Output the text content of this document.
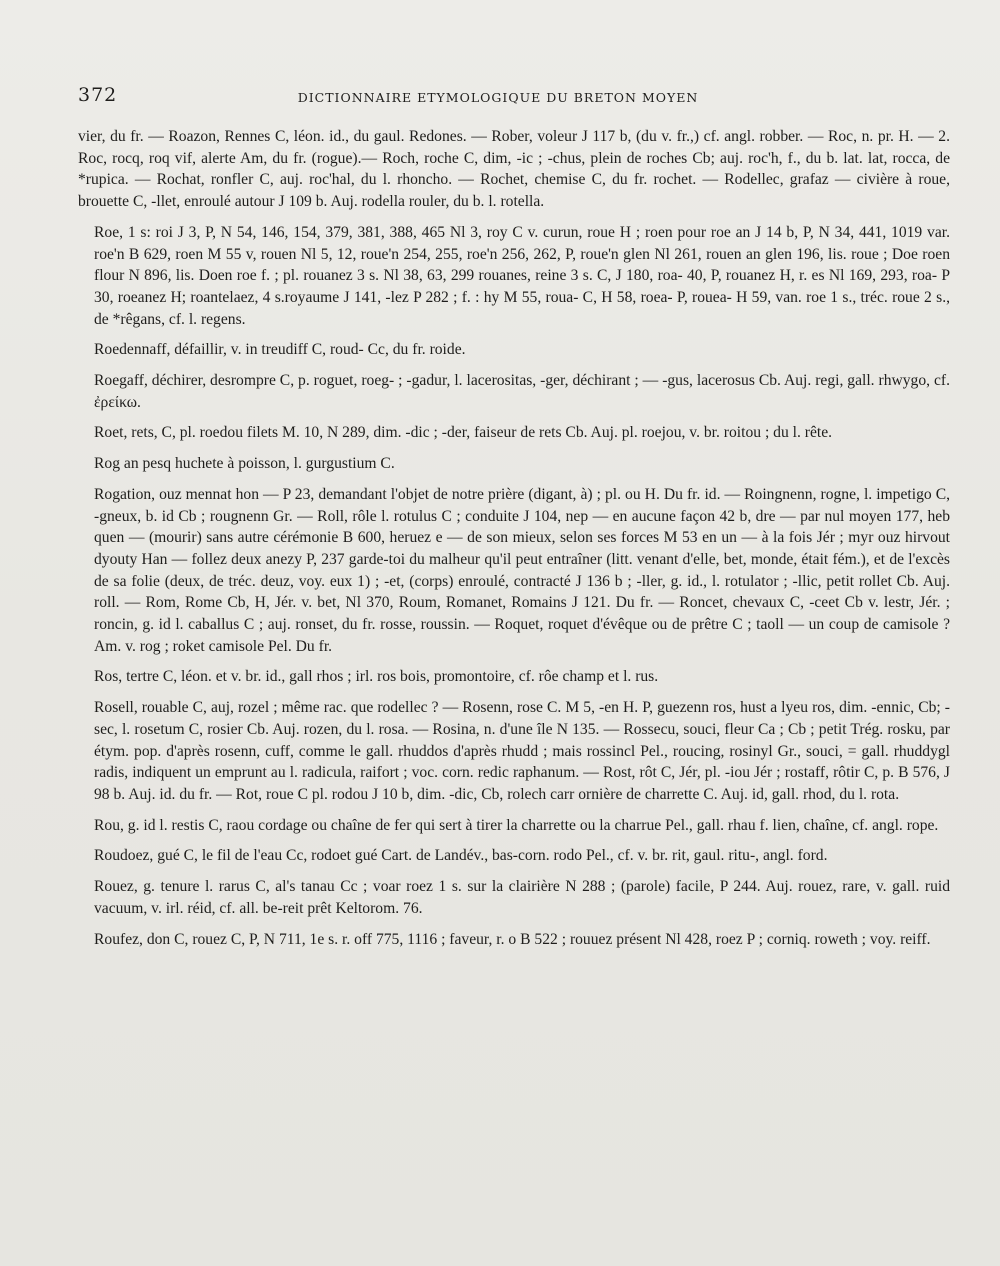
372	DICTIONNAIRE ETYMOLOGIQUE DU BRETON MOYEN

vier, du fr. — Roazon, Rennes C, léon. id., du gaul. Redones. — Rober, voleur J 117 b, (du v. fr.,) cf. angl. robber. — Roc, n. pr. H. — 2. Roc, rocq, roq vif, alerte Am, du fr. (rogue).— Roch, roche C, dim, -ic ; -chus, plein de roches Cb; auj. roc'h, f., du b. lat. lat, rocca, de *rupica. — Rochat, ronfler C, auj. roc'hal, du l. rhoncho. — Rochet, chemise C, du fr. rochet. — Rodellec, grafaz — civière à roue, brouette C, -llet, enroulé autour J 109 b. Auj. rodella rouler, du b. l. rotella.

Roe, 1 s: roi J 3, P, N 54, 146, 154, 379, 381, 388, 465 Nl 3, roy C v. curun, roue H ; roen pour roe an J 14 b, P, N 34, 441, 1019 var. roe'n B 629, roen M 55 v, rouen Nl 5, 12, roue'n 254, 255, roe'n 256, 262, P, roue'n glen Nl 261, rouen an glen 196, lis. roue ; Doe roen flour N 896, lis. Doen roe f. ; pl. rouanez 3 s. Nl 38, 63, 299 rouanes, reine 3 s. C, J 180, roa- 40, P, rouanez H, r. es Nl 169, 293, roa- P 30, roeanez H; roantelaez, 4 s.royaume J 141, -lez P 282 ; f. : hy M 55, roua- C, H 58, roea- P, rouea- H 59, van. roe 1 s., tréc. roue 2 s., de *rêgans, cf. l. regens.

Roedennaff, défaillir, v. in treudiff C, roud- Cc, du fr. roide.

Roegaff, déchirer, desrompre C, p. roguet, roeg- ; -gadur, l. lacerositas, -ger, déchirant ; — -gus, lacerosus Cb. Auj. regi, gall. rhwygo, cf. ἐρείκω.

Roet, rets, C, pl. roedou filets M. 10, N 289, dim. -dic ; -der, faiseur de rets Cb. Auj. pl. roejou, v. br. roitou ; du l. rête.

Rog an pesq huchete à poisson, l. gurgustium C.

Rogation, ouz mennat hon — P 23, demandant l'objet de notre prière (digant, à) ; pl. ou H. Du fr. id. — Roingnenn, rogne, l. impetigo C, -gneux, b. id Cb ; rougnenn Gr. — Roll, rôle l. rotulus C ; conduite J 104, nep — en aucune façon 42 b, dre — par nul moyen 177, heb quen — (mourir) sans autre cérémonie B 600, heruez e — de son mieux, selon ses forces M 53 en un — à la fois Jér ; myr ouz hirvout dyouty Han — follez deux anezy P, 237 garde-toi du malheur qu'il peut entraîner (litt. venant d'elle, bet, monde, était fém.), et de l'excès de sa folie (deux, de tréc. deuz, voy. eux 1) ; -et, (corps) enroulé, contracté J 136 b ; -ller, g. id., l. rotulator ; -llic, petit rollet Cb. Auj. roll. — Rom, Rome Cb, H, Jér. v. bet, Nl 370, Roum, Romanet, Romains J 121. Du fr. — Roncet, chevaux C, -ceet Cb v. lestr, Jér. ; roncin, g. id l. caballus C ; auj. ronset, du fr. rosse, roussin. — Roquet, roquet d'évêque ou de prêtre C ; taoll — un coup de camisole ? Am. v. rog ; roket camisole Pel. Du fr.

Ros, tertre C, léon. et v. br. id., gall rhos ; irl. ros bois, promontoire, cf. rôe champ et l. rus.

Rosell, rouable C, auj, rozel ; même rac. que rodellec ? — Rosenn, rose C. M 5, -en H. P, guezenn ros, hust a lyeu ros, dim. -ennic, Cb; -sec, l. rosetum C, rosier Cb. Auj. rozen, du l. rosa. — Rosina, n. d'une île N 135. — Rossecu, souci, fleur Ca ; Cb ; petit Trég. rosku, par étym. pop. d'après rosenn, cuff, comme le gall. rhuddos d'après rhudd ; mais rossincl Pel., roucing, rosinyl Gr., souci, = gall. rhuddygl radis, indiquent un emprunt au l. radicula, raifort ; voc. corn. redic raphanum. — Rost, rôt C, Jér, pl. -iou Jér ; rostaff, rôtir C, p. B 576, J 98 b. Auj. id. du fr. — Rot, roue C pl. rodou J 10 b, dim. -dic, Cb, rolech carr ornière de charrette C. Auj. id, gall. rhod, du l. rota.

Rou, g. id l. restis C, raou cordage ou chaîne de fer qui sert à tirer la charrette ou la charrue Pel., gall. rhau f. lien, chaîne, cf. angl. rope.

Roudoez, gué C, le fil de l'eau Cc, rodoet gué Cart. de Landév., bas-corn. rodo Pel., cf. v. br. rit, gaul. ritu-, angl. ford.

Rouez, g. tenure l. rarus C, al's tanau Cc ; voar roez 1 s. sur la clairière N 288 ; (parole) facile, P 244. Auj. rouez, rare, v. gall. ruid vacuum, v. irl. réid, cf. all. be-reit prêt Keltorom. 76.

Roufez, don C, rouez C, P, N 711, 1e s. r. off 775, 1116 ; faveur, r. o B 522 ; rouuez présent Nl 428, roez P ; corniq. roweth ; voy. reiff.
